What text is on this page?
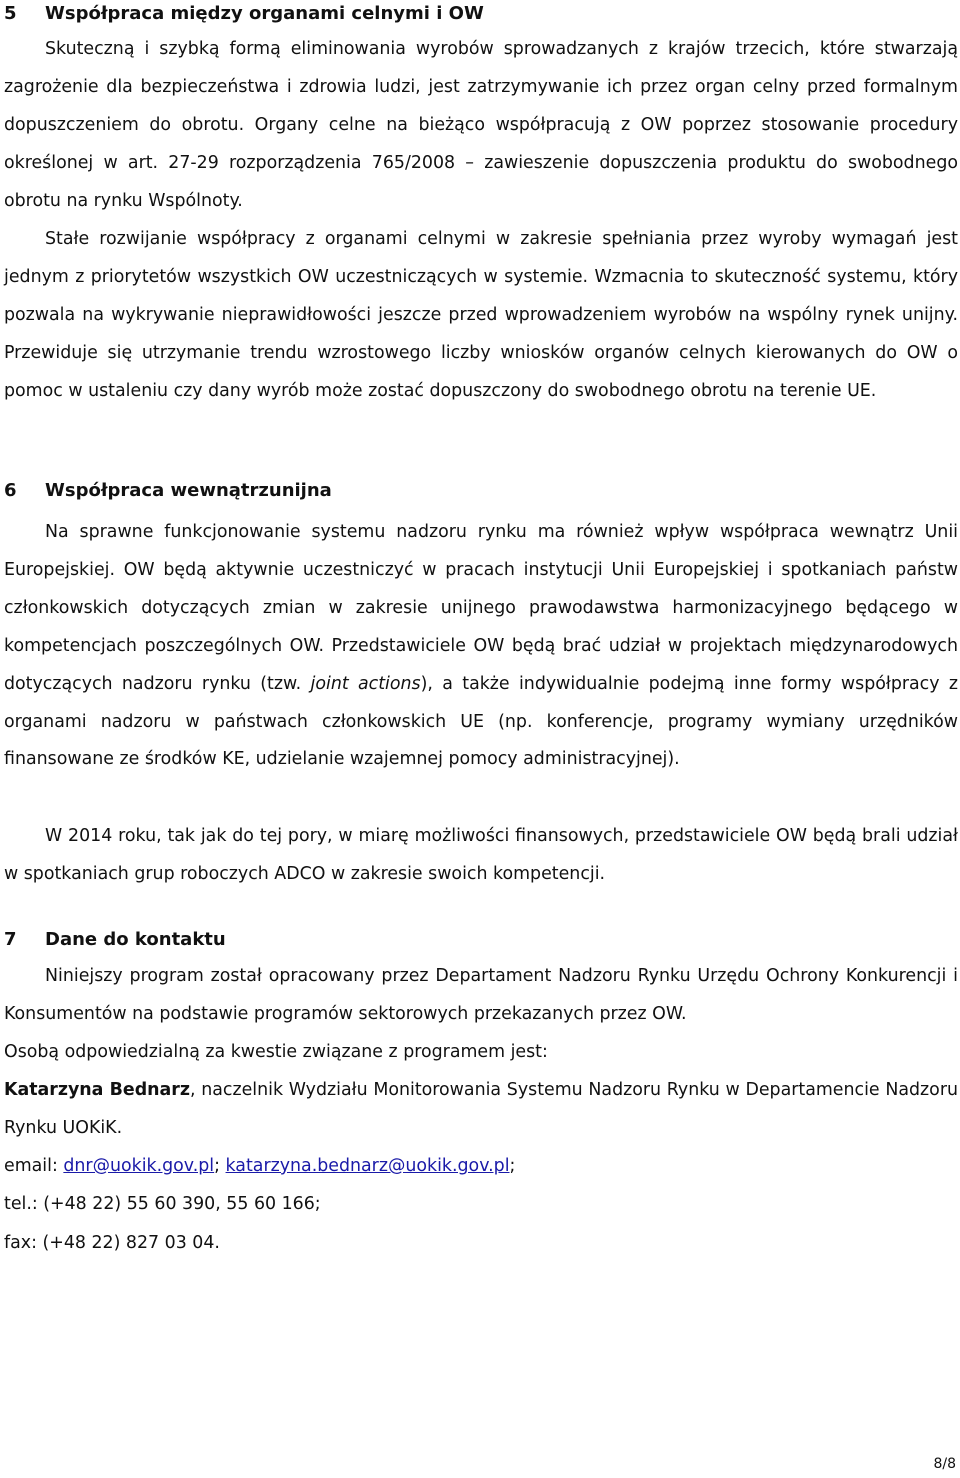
5 Współpraca między organami celnymi i OW

Skuteczną i szybką formą eliminowania wyrobów sprowadzanych z krajów trzecich, które stwarzają zagrożenie dla bezpieczeństwa i zdrowia ludzi, jest zatrzymywanie ich przez organ celny przed formalnym dopuszczeniem do obrotu. Organy celne na bieżąco współpracują z OW poprzez stosowanie procedury określonej w art. 27-29 rozporządzenia 765/2008 – zawieszenie dopuszczenia produktu do swobodnego obrotu na rynku Wspólnoty.

Stałe rozwijanie współpracy z organami celnymi w zakresie spełniania przez wyroby wymagań jest jednym z priorytetów wszystkich OW uczestniczących w systemie. Wzmacnia to skuteczność systemu, który pozwala na wykrywanie nieprawidłowości jeszcze przed wprowadzeniem wyrobów na wspólny rynek unijny. Przewiduje się utrzymanie trendu wzrostowego liczby wniosków organów celnych kierowanych do OW o pomoc w ustaleniu czy dany wyrób może zostać dopuszczony do swobodnego obrotu na terenie UE.

6 Współpraca wewnątrzunijna

Na sprawne funkcjonowanie systemu nadzoru rynku ma również wpływ współpraca wewnątrz Unii Europejskiej. OW będą aktywnie uczestniczyć w pracach instytucji Unii Europejskiej i spotkaniach państw członkowskich dotyczących zmian w zakresie unijnego prawodawstwa harmonizacyjnego będącego w kompetencjach poszczególnych OW. Przedstawiciele OW będą brać udział w projektach międzynarodowych dotyczących nadzoru rynku (tzw. joint actions), a także indywidualnie podejmą inne formy współpracy z organami nadzoru w państwach członkowskich UE (np. konferencje, programy wymiany urzędników finansowane ze środków KE, udzielanie wzajemnej pomocy administracyjnej).

W 2014 roku, tak jak do tej pory, w miarę możliwości finansowych, przedstawiciele OW będą brali udział w spotkaniach grup roboczych ADCO w zakresie swoich kompetencji.

7 Dane do kontaktu

Niniejszy program został opracowany przez Departament Nadzoru Rynku Urzędu Ochrony Konkurencji i Konsumentów na podstawie programów sektorowych przekazanych przez OW.

Osobą odpowiedzialną za kwestie związane z programem jest:

Katarzyna Bednarz, naczelnik Wydziału Monitorowania Systemu Nadzoru Rynku w Departamencie Nadzoru Rynku UOKiK.

email: dnr@uokik.gov.pl; katarzyna.bednarz@uokik.gov.pl;

tel.: (+48 22) 55 60 390, 55 60 166;

fax: (+48 22) 827 03 04.

8/8
